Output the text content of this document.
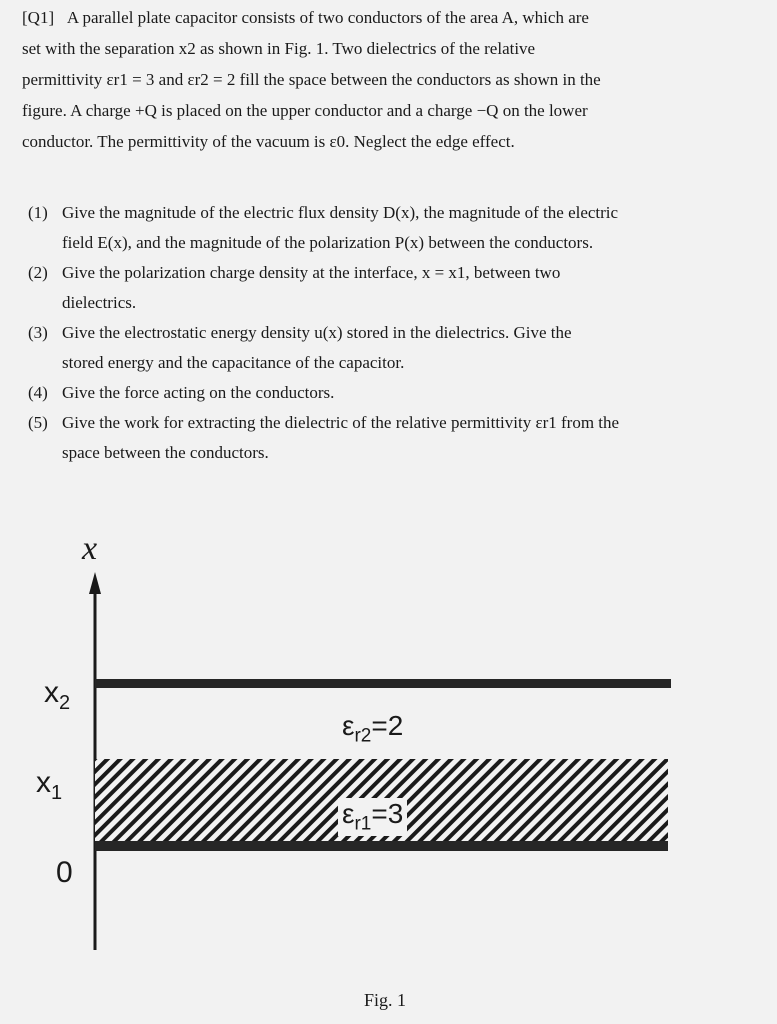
[Q1] A parallel plate capacitor consists of two conductors of the area A, which are
set with the separation x2 as shown in Fig. 1. Two dielectrics of the relative
permittivity εr1 = 3 and εr2 = 2 fill the space between the conductors as shown in the
figure. A charge +Q is placed on the upper conductor and a charge −Q on the lower
conductor. The permittivity of the vacuum is ε0. Neglect the edge effect.
(1) Give the magnitude of the electric flux density D(x), the magnitude of the electric
field E(x), and the magnitude of the polarization P(x) between the conductors.
(2) Give the polarization charge density at the interface, x = x1, between two
dielectrics.
(3) Give the electrostatic energy density u(x) stored in the dielectrics. Give the
stored energy and the capacitance of the capacitor.
(4) Give the force acting on the conductors.
(5) Give the work for extracting the dielectric of the relative permittivity εr1 from the
space between the conductors.
x
$x_2$
$x_1$
0
$\varepsilon_{r2}=2$
$\varepsilon_{r1}=3$
Fig. 1
